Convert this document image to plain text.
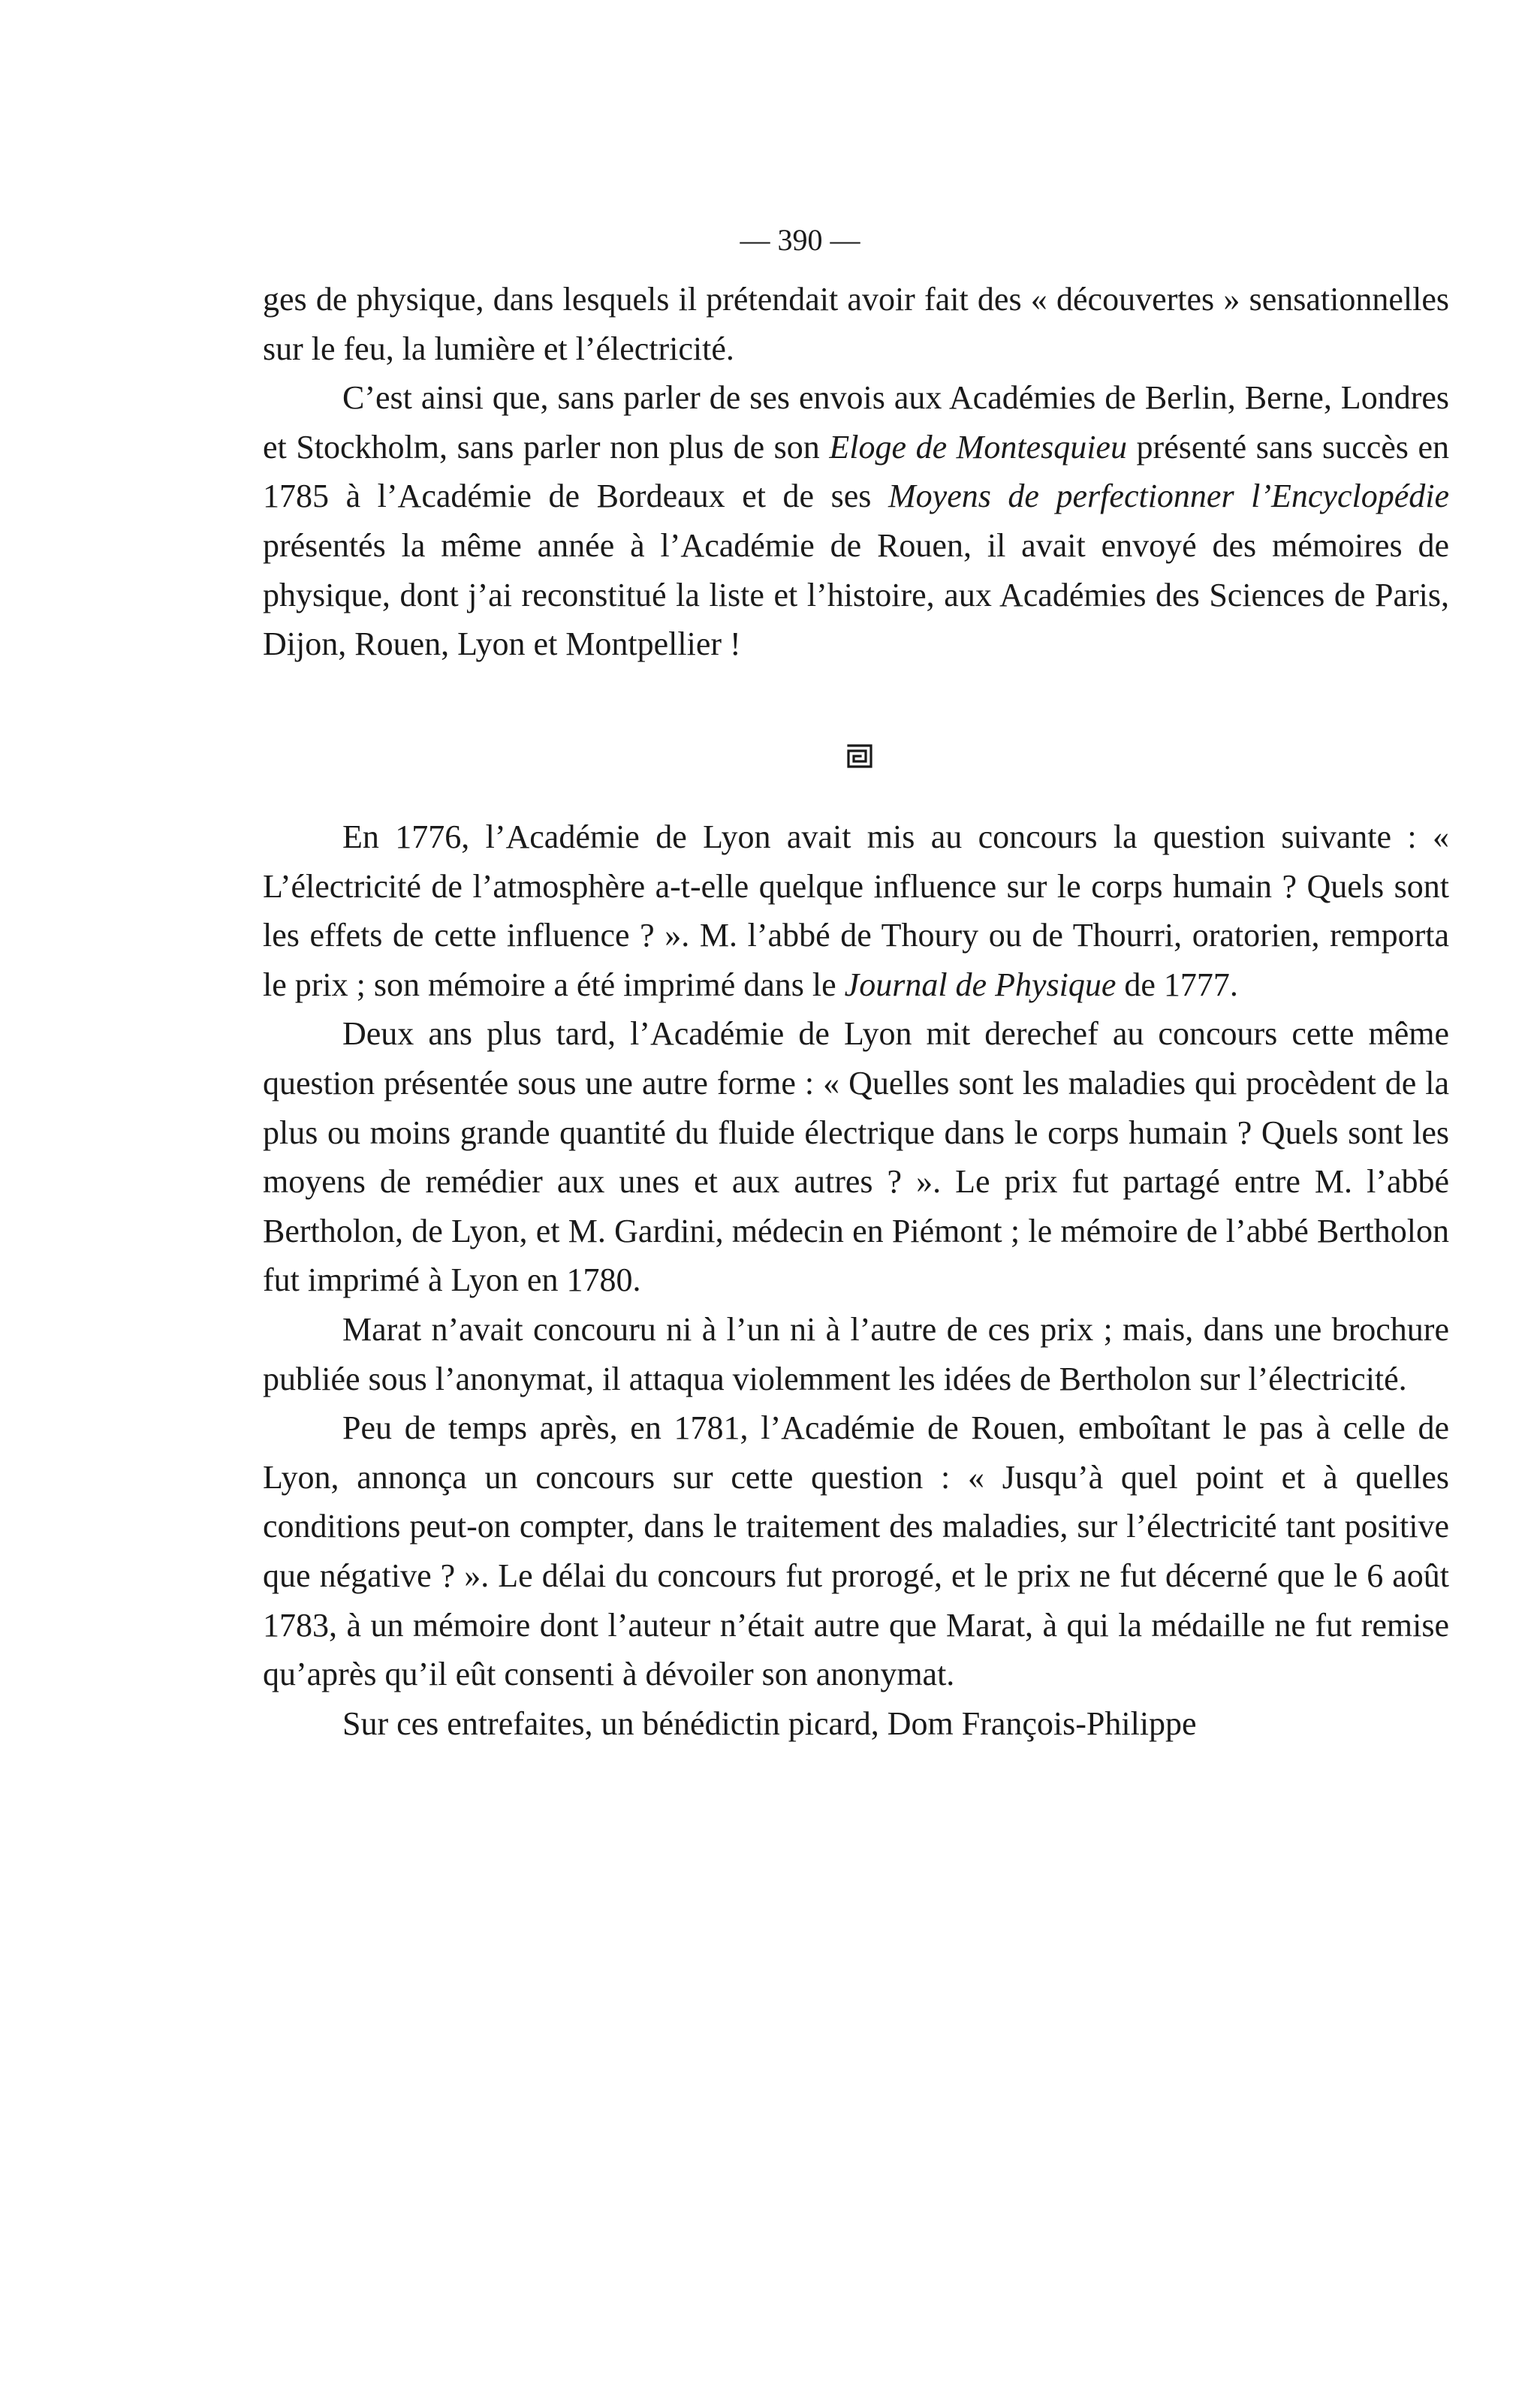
— 390 —

ges de physique, dans lesquels il prétendait avoir fait des « découvertes » sensationnelles sur le feu, la lumière et l’électricité.

C’est ainsi que, sans parler de ses envois aux Académies de Berlin, Berne, Londres et Stockholm, sans parler non plus de son Eloge de Montesquieu présenté sans succès en 1785 à l’Académie de Bordeaux et de ses Moyens de perfectionner l’Encyclopédie présentés la même année à l’Académie de Rouen, il avait envoyé des mémoires de physique, dont j’ai reconstitué la liste et l’histoire, aux Académies des Sciences de Paris, Dijon, Rouen, Lyon et Montpellier !

En 1776, l’Académie de Lyon avait mis au concours la question suivante : « L’électricité de l’atmosphère a-t-elle quelque influence sur le corps humain ? Quels sont les effets de cette influence ? ». M. l’abbé de Thoury ou de Thourri, oratorien, remporta le prix ; son mémoire a été imprimé dans le Journal de Physique de 1777.

Deux ans plus tard, l’Académie de Lyon mit derechef au concours cette même question présentée sous une autre forme : « Quelles sont les maladies qui procèdent de la plus ou moins grande quantité du fluide électrique dans le corps humain ? Quels sont les moyens de remédier aux unes et aux autres ? ». Le prix fut partagé entre M. l’abbé Bertholon, de Lyon, et M. Gardini, médecin en Piémont ; le mémoire de l’abbé Bertholon fut imprimé à Lyon en 1780.

Marat n’avait concouru ni à l’un ni à l’autre de ces prix ; mais, dans une brochure publiée sous l’anonymat, il attaqua violemment les idées de Bertholon sur l’électricité.

Peu de temps après, en 1781, l’Académie de Rouen, emboîtant le pas à celle de Lyon, annonça un concours sur cette question : « Jusqu’à quel point et à quelles conditions peut-on compter, dans le traitement des maladies, sur l’électricité tant positive que négative ? ». Le délai du concours fut prorogé, et le prix ne fut décerné que le 6 août 1783, à un mémoire dont l’auteur n’était autre que Marat, à qui la médaille ne fut remise qu’après qu’il eût consenti à dévoiler son anonymat.

Sur ces entrefaites, un bénédictin picard, Dom François-Philippe
